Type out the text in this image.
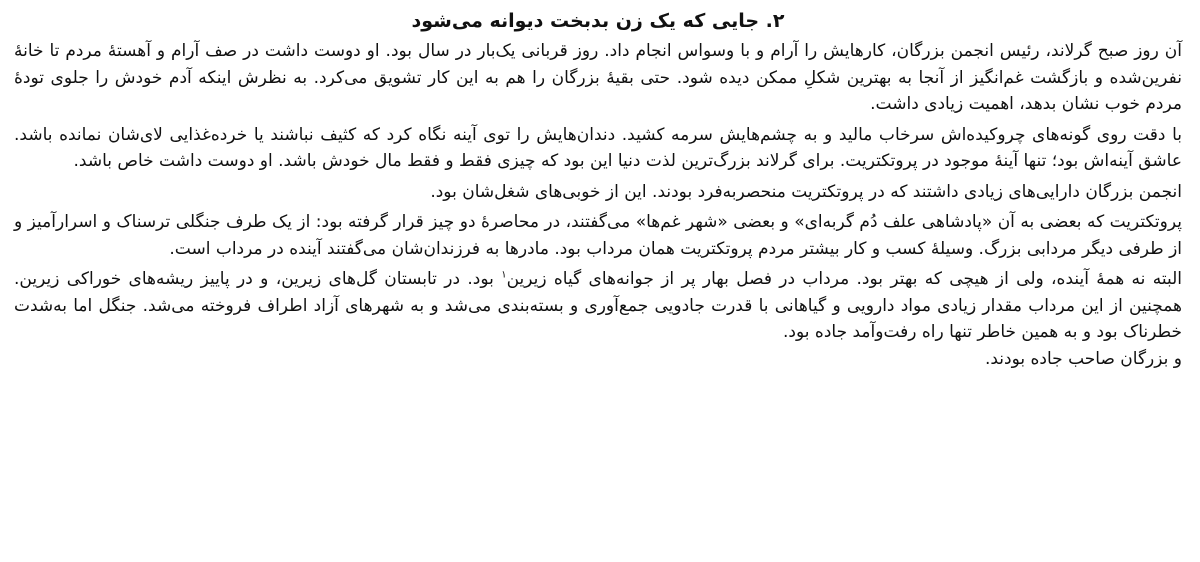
۲. جایی که یک زن بدبخت دیوانه می‌شود

آن روز صبح گرلاند، رئیس انجمن بزرگان، کارهایش را آرام و با وسواس انجام داد. روز قربانی یک‌بار در سال بود. او دوست داشت در صف آرام و آهستهٔ مردم تا خانهٔ نفرین‌شده و بازگشت غم‌انگیز از آنجا به بهترین شکلِ ممکن دیده شود. حتی بقیهٔ بزرگان را هم به این کار تشویق می‌کرد. به نظرش اینکه آدم خودش را جلوی تودهٔ مردم خوب نشان بدهد، اهمیت زیادی داشت.

با دقت روی گونه‌های چروکیده‌اش سرخاب مالید و به چشم‌هایش سرمه کشید. دندان‌هایش را توی آینه نگاه کرد که کثیف نباشند یا خرده‌غذایی لای‌شان نمانده باشد. عاشق آینه‌اش بود؛ تنها آینهٔ موجود در پروتکتریت. برای گرلاند بزرگ‌ترین لذت دنیا این بود که چیزی فقط و فقط مال خودش باشد. او دوست داشت خاص باشد.

انجمن بزرگان دارایی‌های زیادی داشتند که در پروتکتریت منحصربه‌فرد بودند. این از خوبی‌های شغل‌شان بود.

پروتکتریت که بعضی به آن «پادشاهی علف دُم گربه‌ای» و بعضی «شهر غم‌ها» می‌گفتند، در محاصرهٔ دو چیز قرار گرفته بود: از یک طرف جنگلی ترسناک و اسرارآمیز و از طرفی دیگر مردابی بزرگ. وسیلهٔ کسب و کار بیشتر مردم پروتکتریت همان مرداب بود. مادرها به فرزندان‌شان می‌گفتند آینده در مرداب است.

البته نه همهٔ آینده، ولی از هیچی که بهتر بود. مرداب در فصل بهار پر از جوانه‌های گیاه زیرین$^۱$ بود. در تابستان گل‌های زیرین، و در پاییز ریشه‌های خوراکی زیرین. همچنین از این مرداب مقدار زیادی مواد دارویی و گیاهانی با قدرت جادویی جمع‌آوری و بسته‌بندی می‌شد و به شهرهای آزاد اطراف فروخته می‌شد. جنگل اما به‌شدت خطرناک بود و به همین خاطر تنها راه رفت‌وآمد جاده بود.

و بزرگان صاحب جاده بودند.
